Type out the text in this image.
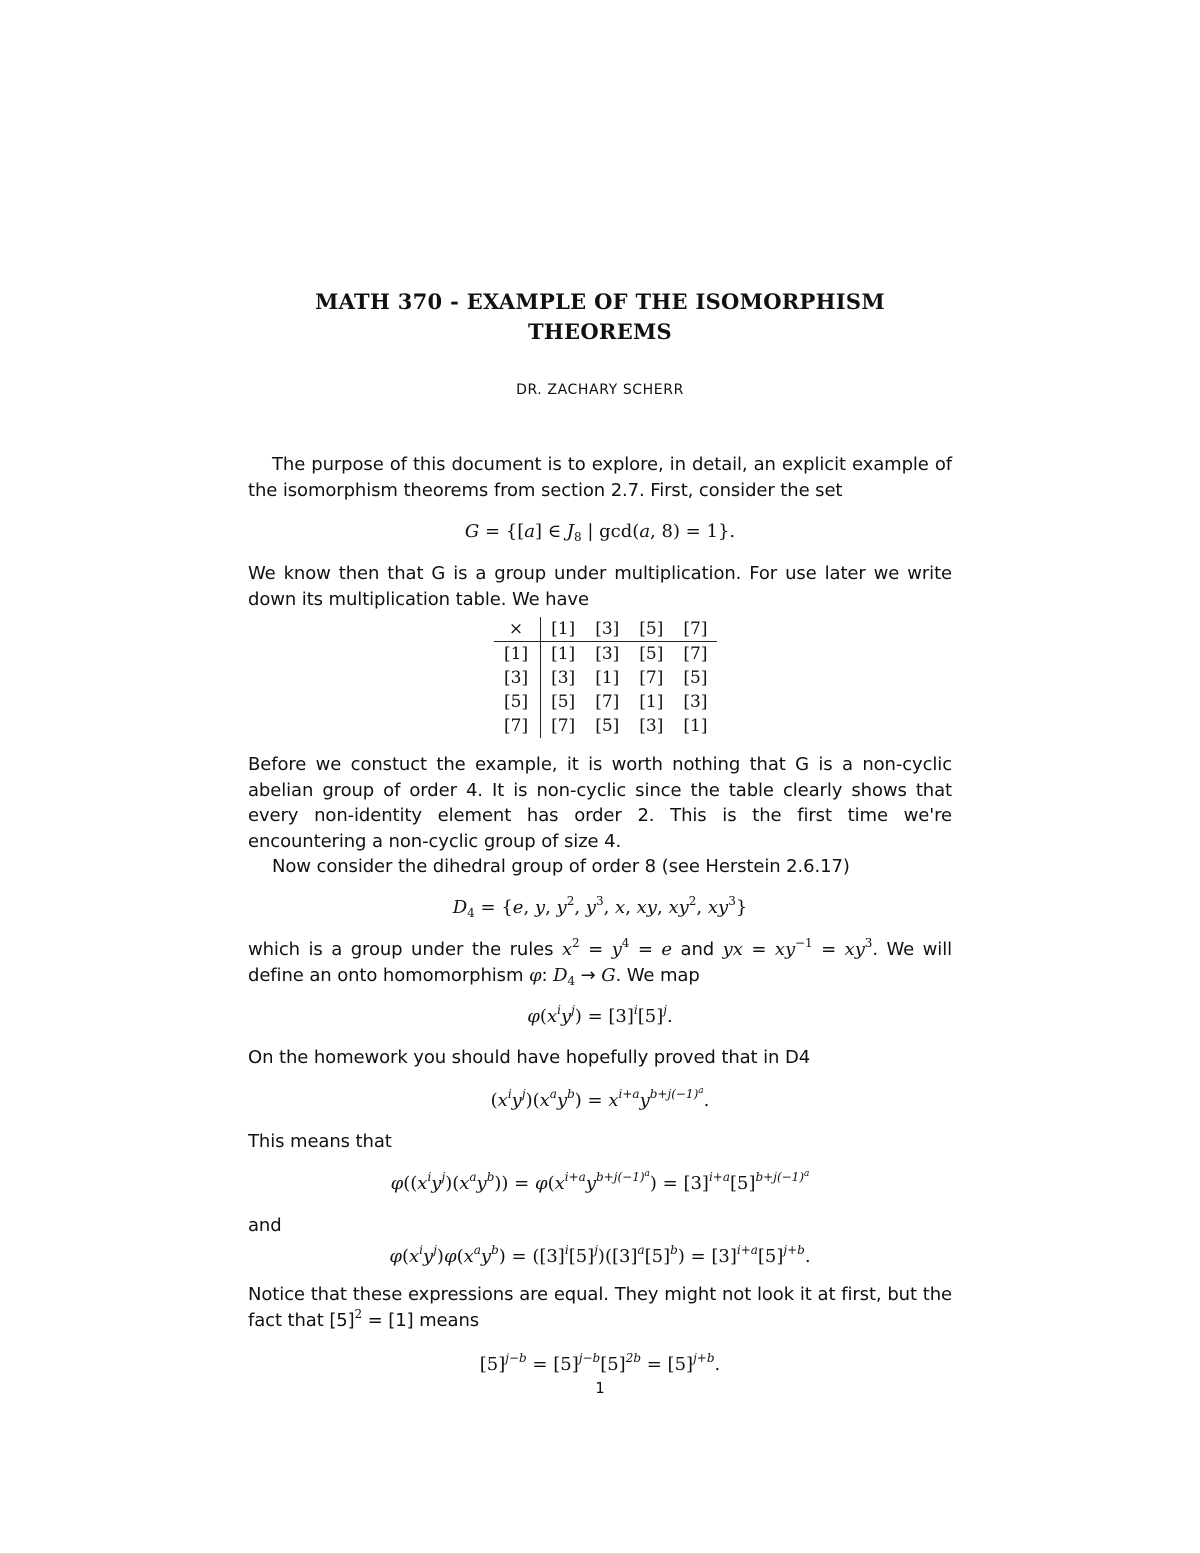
MATH 370 - EXAMPLE OF THE ISOMORPHISM
THEOREMS
DR. ZACHARY SCHERR
The purpose of this document is to explore, in detail, an explicit example of the isomorphism theorems from section 2.7. First, consider the set
G = {[a] ∈ $J_8$ | gcd(a, 8) = 1}.
We know then that G is a group under multiplication. For use later we write down its multiplication table. We have
×	[1]	[3]	[5]	[7]
[1]	[1]	[3]	[5]	[7]
[3]	[3]	[1]	[7]	[5]
[5]	[5]	[7]	[1]	[3]
[7]	[7]	[5]	[3]	[1]
Before we constuct the example, it is worth nothing that G is a non-cyclic abelian group of order 4. It is non-cyclic since the table clearly shows that every non-identity element has order 2. This is the first time we're encountering a non-cyclic group of size 4.
Now consider the dihedral group of order 8 (see Herstein 2.6.17)
$D_4 = \{e$, y, $y^2$, $y^3$, x, xy, $xy^2$, $xy^3$}
which is a group under the rules $x^2 = y^4 = e$ and yx = $xy^{-1} = xy^3$. We will define an onto homomorphism φ: $D_4 \to G$. We map
$\varphi(x^iy^j) = [3]^i[5]^j$.
On the homework you should have hopefully proved that in D4
$(x^iy^j)(x^ay^b) = x^{i+a}y^{b+j(-1)^a}$.
This means that
$\varphi((x^iy^j)(x^ay^b)) = \varphi(x^{i+a}y^{b+j(-1)^a}) = [3]^{i+a}[5]^{b+j(-1)^a}$
and
$\varphi(x^iy^j)\varphi(x^ay^b) = ([3]^i[5]^j)([3]^a[5]^b) = [3]^{i+a}[5]^{j+b}$.
Notice that these expressions are equal. They might not look it at first, but the fact that $[5]^2 = [1]$ means
$[5]^{j-b} = [5]^{j-b}[5]^{2b} = [5]^{j+b}$.
1
